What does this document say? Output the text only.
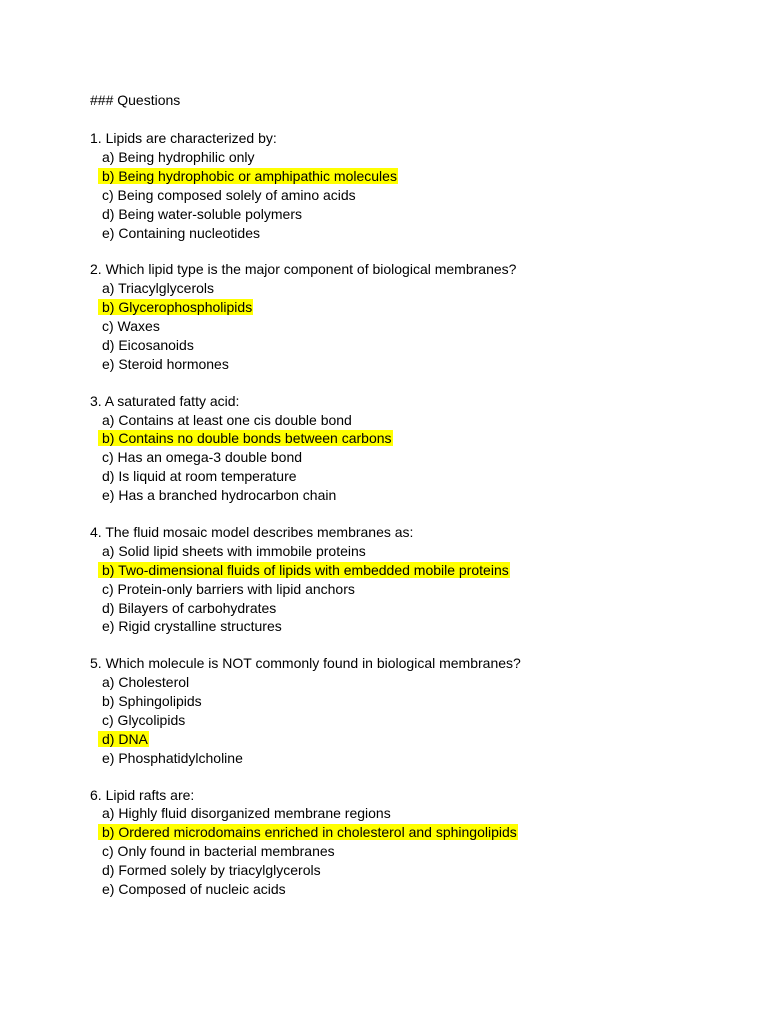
### Questions
1. Lipids are characterized by:
a) Being hydrophilic only
b) Being hydrophobic or amphipathic molecules
c) Being composed solely of amino acids
d) Being water-soluble polymers
e) Containing nucleotides
2. Which lipid type is the major component of biological membranes?
a) Triacylglycerols
b) Glycerophospholipids
c) Waxes
d) Eicosanoids
e) Steroid hormones
3. A saturated fatty acid:
a) Contains at least one cis double bond
b) Contains no double bonds between carbons
c) Has an omega-3 double bond
d) Is liquid at room temperature
e) Has a branched hydrocarbon chain
4. The fluid mosaic model describes membranes as:
a) Solid lipid sheets with immobile proteins
b) Two-dimensional fluids of lipids with embedded mobile proteins
c) Protein-only barriers with lipid anchors
d) Bilayers of carbohydrates
e) Rigid crystalline structures
5. Which molecule is NOT commonly found in biological membranes?
a) Cholesterol
b) Sphingolipids
c) Glycolipids
d) DNA
e) Phosphatidylcholine
6. Lipid rafts are:
a) Highly fluid disorganized membrane regions
b) Ordered microdomains enriched in cholesterol and sphingolipids
c) Only found in bacterial membranes
d) Formed solely by triacylglycerols
e) Composed of nucleic acids
